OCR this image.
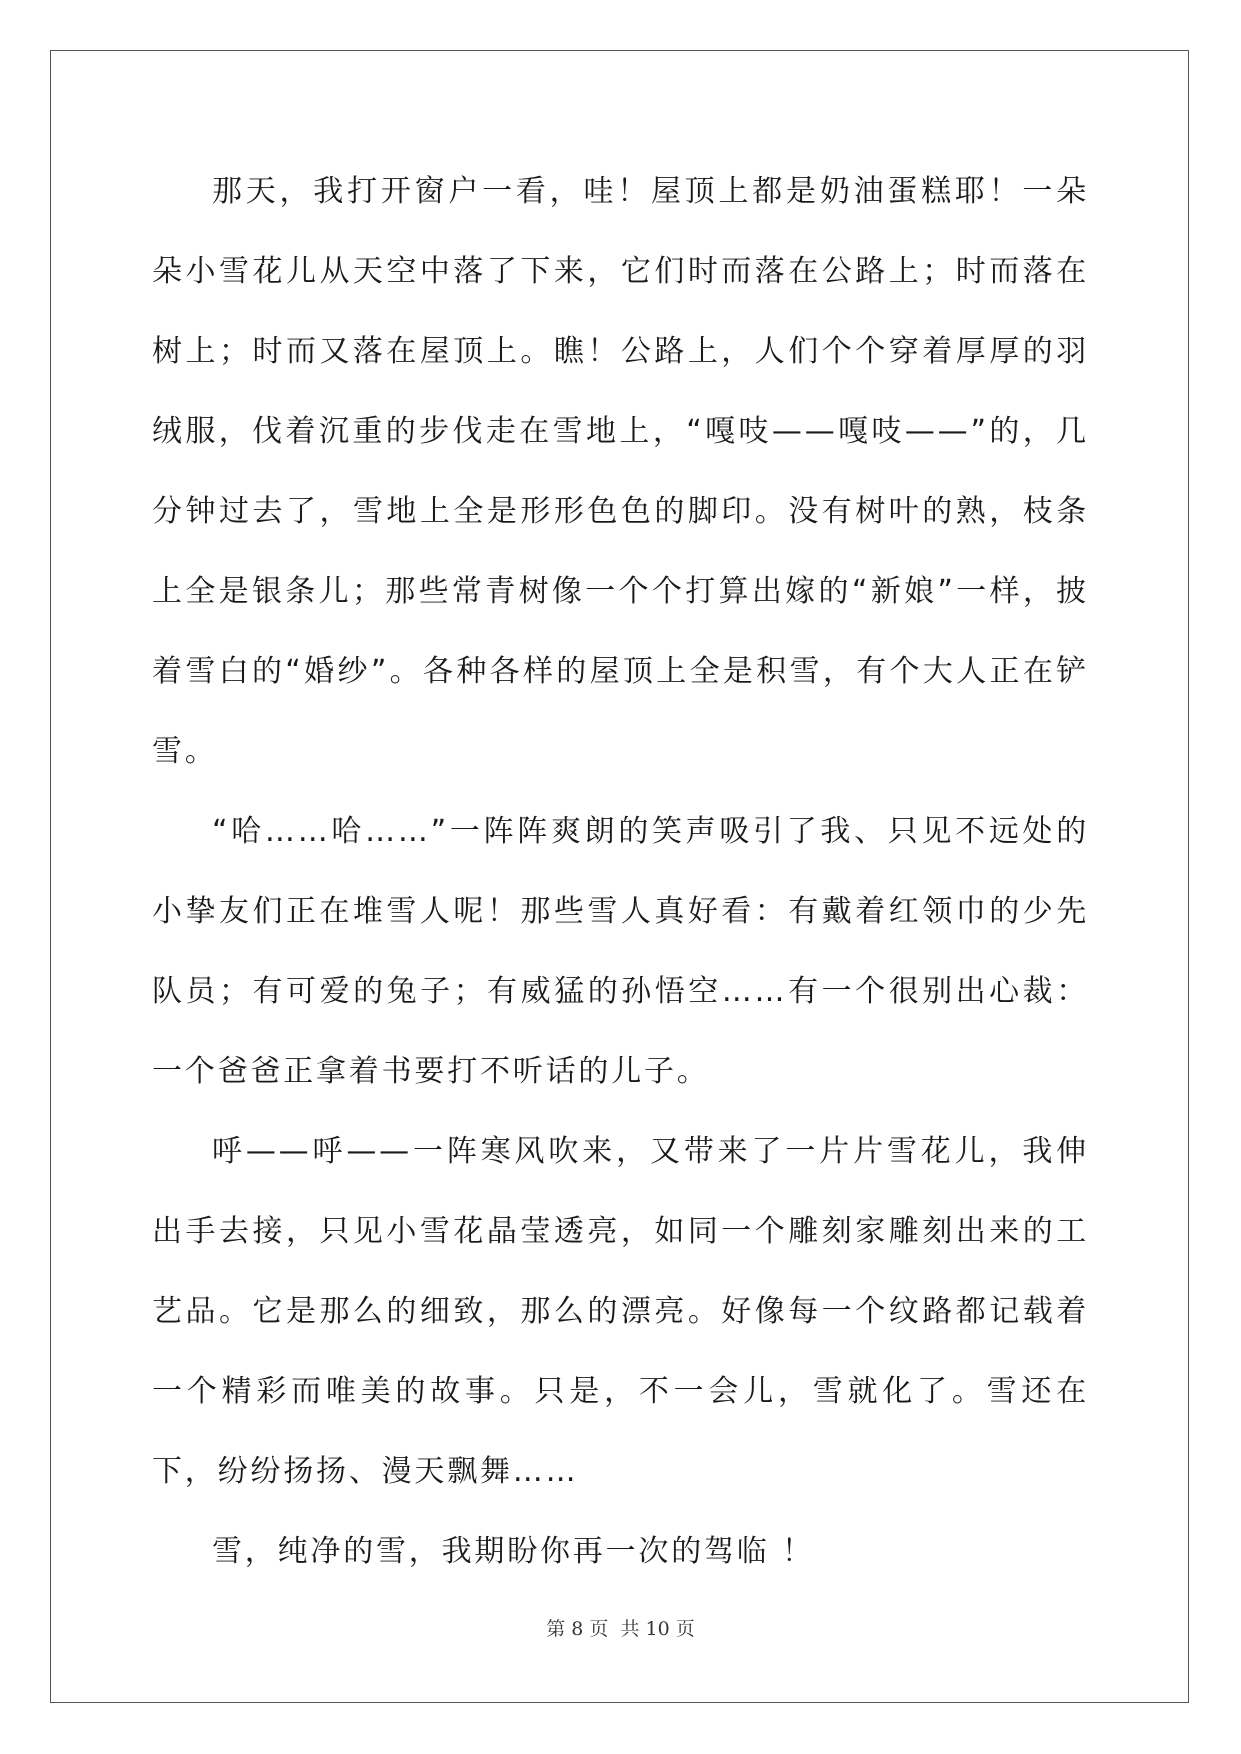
那天，我打开窗户一看，哇！屋顶上都是奶油蛋糕耶！一朵朵小雪花儿从天空中落了下来，它们时而落在公路上；时而落在树上；时而又落在屋顶上。瞧！公路上，人们个个穿着厚厚的羽绒服，伐着沉重的步伐走在雪地上，“嘎吱——嘎吱——”的，几分钟过去了，雪地上全是形形色色的脚印。没有树叶的熟，枝条上全是银条儿；那些常青树像一个个打算出嫁的“新娘”一样，披着雪白的“婚纱”。各种各样的屋顶上全是积雪，有个大人正在铲雪。

“哈……哈……”一阵阵爽朗的笑声吸引了我、只见不远处的小挚友们正在堆雪人呢！那些雪人真好看：有戴着红领巾的少先队员；有可爱的兔子；有威猛的孙悟空……有一个很别出心裁：一个爸爸正拿着书要打不听话的儿子。

呼——呼——一阵寒风吹来，又带来了一片片雪花儿，我伸出手去接，只见小雪花晶莹透亮，如同一个雕刻家雕刻出来的工艺品。它是那么的细致，那么的漂亮。好像每一个纹路都记载着一个精彩而唯美的故事。只是，不一会儿，雪就化了。雪还在下，纷纷扬扬、漫天飘舞……

雪，纯净的雪，我期盼你再一次的驾临 ！

第 8 页  共 10 页
